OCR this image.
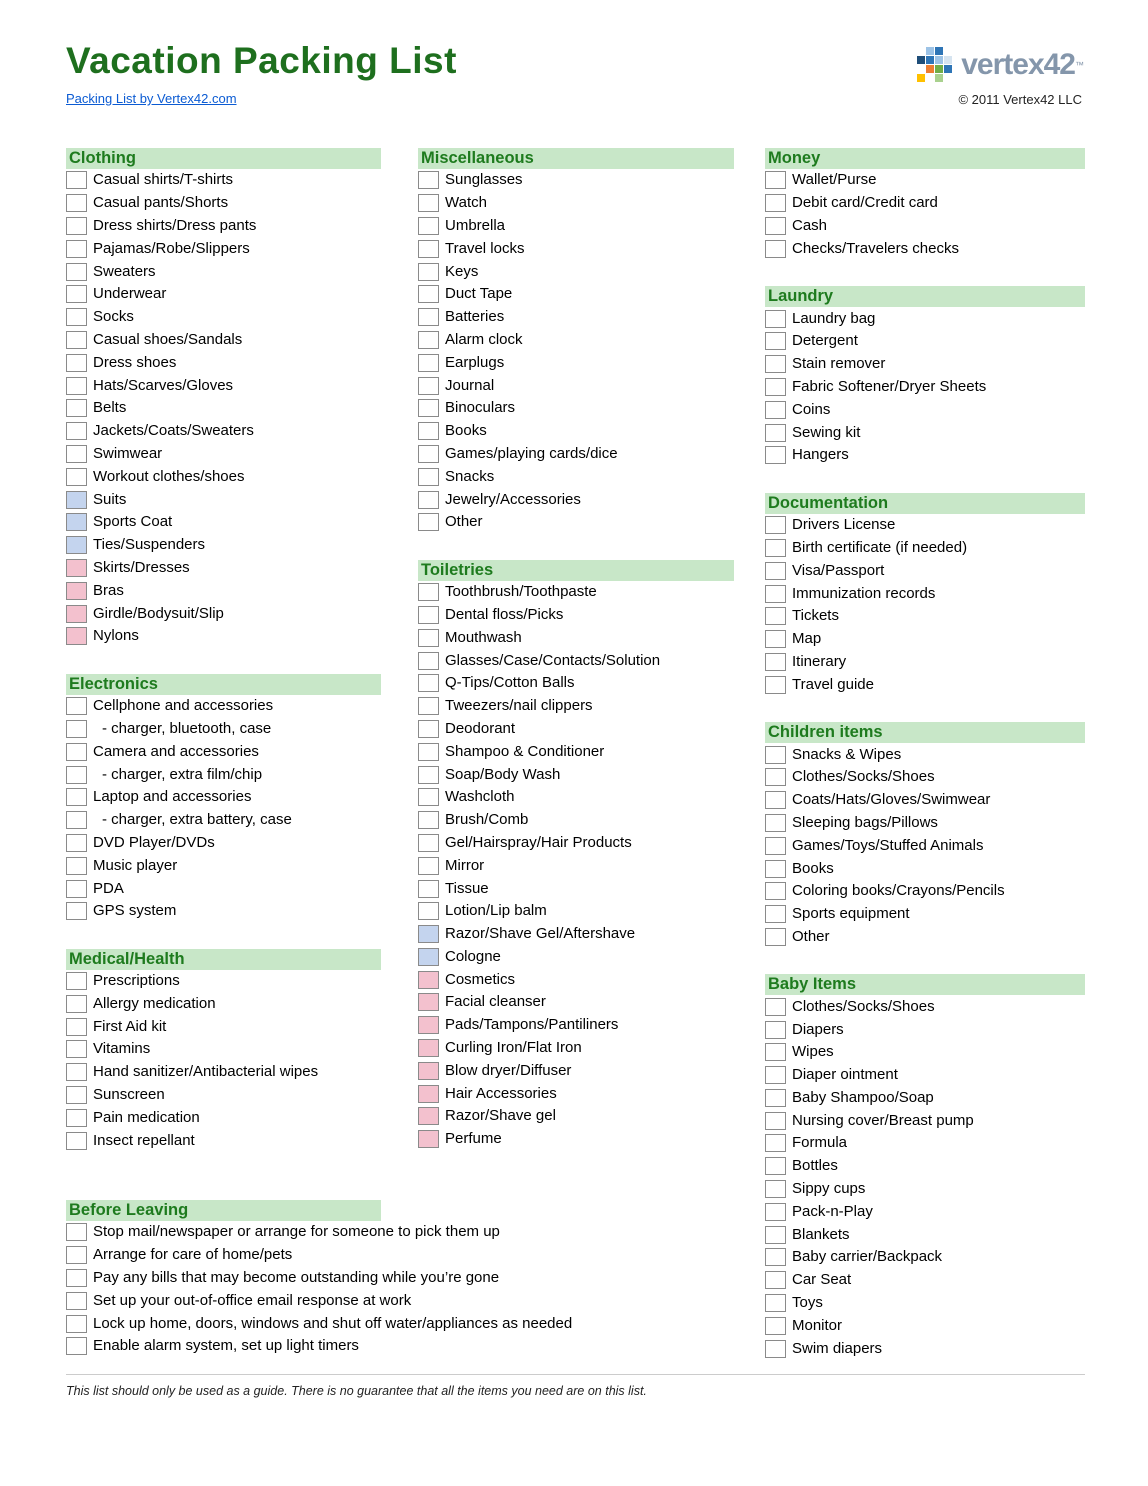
Vacation Packing List
Packing List by Vertex42.com
vertex42 ™
© 2011 Vertex42 LLC
Clothing
Casual shirts/T-shirts
Casual pants/Shorts
Dress shirts/Dress pants
Pajamas/Robe/Slippers
Sweaters
Underwear
Socks
Casual shoes/Sandals
Dress shoes
Hats/Scarves/Gloves
Belts
Jackets/Coats/Sweaters
Swimwear
Workout clothes/shoes
Suits
Sports Coat
Ties/Suspenders
Skirts/Dresses
Bras
Girdle/Bodysuit/Slip
Nylons
Electronics
Cellphone and accessories
- charger, bluetooth, case
Camera and accessories
- charger, extra film/chip
Laptop and accessories
- charger, extra battery, case
DVD Player/DVDs
Music player
PDA
GPS system
Medical/Health
Prescriptions
Allergy medication
First Aid kit
Vitamins
Hand sanitizer/Antibacterial wipes
Sunscreen
Pain medication
Insect repellant
Before Leaving
Stop mail/newspaper or arrange for someone to pick them up
Arrange for care of home/pets
Pay any bills that may become outstanding while you’re gone
Set up your out-of-office email response at work
Lock up home, doors, windows and shut off water/appliances as needed
Enable alarm system, set up light timers
Miscellaneous
Sunglasses
Watch
Umbrella
Travel locks
Keys
Duct Tape
Batteries
Alarm clock
Earplugs
Journal
Binoculars
Books
Games/playing cards/dice
Snacks
Jewelry/Accessories
Other
Toiletries
Toothbrush/Toothpaste
Dental floss/Picks
Mouthwash
Glasses/Case/Contacts/Solution
Q-Tips/Cotton Balls
Tweezers/nail clippers
Deodorant
Shampoo & Conditioner
Soap/Body Wash
Washcloth
Brush/Comb
Gel/Hairspray/Hair Products
Mirror
Tissue
Lotion/Lip balm
Razor/Shave Gel/Aftershave
Cologne
Cosmetics
Facial cleanser
Pads/Tampons/Pantiliners
Curling Iron/Flat Iron
Blow dryer/Diffuser
Hair Accessories
Razor/Shave gel
Perfume
Money
Wallet/Purse
Debit card/Credit card
Cash
Checks/Travelers checks
Laundry
Laundry bag
Detergent
Stain remover
Fabric Softener/Dryer Sheets
Coins
Sewing kit
Hangers
Documentation
Drivers License
Birth certificate (if needed)
Visa/Passport
Immunization records
Tickets
Map
Itinerary
Travel guide
Children items
Snacks & Wipes
Clothes/Socks/Shoes
Coats/Hats/Gloves/Swimwear
Sleeping bags/Pillows
Games/Toys/Stuffed Animals
Books
Coloring books/Crayons/Pencils
Sports equipment
Other
Baby Items
Clothes/Socks/Shoes
Diapers
Wipes
Diaper ointment
Baby Shampoo/Soap
Nursing cover/Breast pump
Formula
Bottles
Sippy cups
Pack-n-Play
Blankets
Baby carrier/Backpack
Car Seat
Toys
Monitor
Swim diapers
This list should only be used as a guide. There is no guarantee that all the items you need are on this list.
